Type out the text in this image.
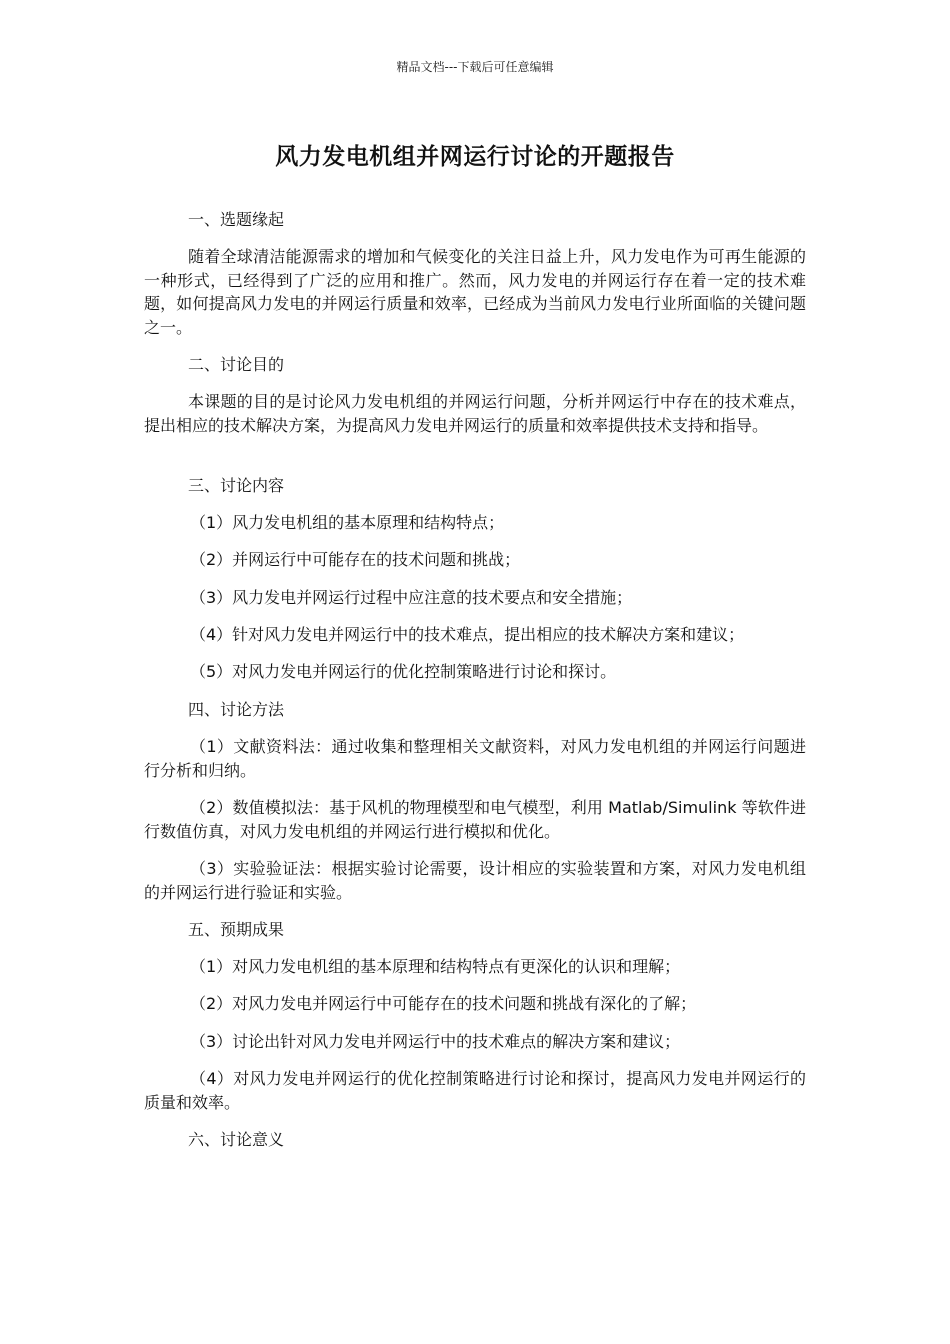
精品文档---下载后可任意编辑
风力发电机组并网运行讨论的开题报告

一、选题缘起

随着全球清洁能源需求的增加和气候变化的关注日益上升，风力发电作为可再生能源的一种形式，已经得到了广泛的应用和推广。然而，风力发电的并网运行存在着一定的技术难题，如何提高风力发电的并网运行质量和效率，已经成为当前风力发电行业所面临的关键问题之一。

二、讨论目的

本课题的目的是讨论风力发电机组的并网运行问题，分析并网运行中存在的技术难点，提出相应的技术解决方案，为提高风力发电并网运行的质量和效率提供技术支持和指导。

三、讨论内容

（1）风力发电机组的基本原理和结构特点；

（2）并网运行中可能存在的技术问题和挑战；

（3）风力发电并网运行过程中应注意的技术要点和安全措施；

（4）针对风力发电并网运行中的技术难点，提出相应的技术解决方案和建议；

（5）对风力发电并网运行的优化控制策略进行讨论和探讨。

四、讨论方法

（1）文献资料法：通过收集和整理相关文献资料，对风力发电机组的并网运行问题进行分析和归纳。

（2）数值模拟法：基于风机的物理模型和电气模型，利用 Matlab/Simulink 等软件进行数值仿真，对风力发电机组的并网运行进行模拟和优化。

（3）实验验证法：根据实验讨论需要，设计相应的实验装置和方案，对风力发电机组的并网运行进行验证和实验。

五、预期成果

（1）对风力发电机组的基本原理和结构特点有更深化的认识和理解；

（2）对风力发电并网运行中可能存在的技术问题和挑战有深化的了解；

（3）讨论出针对风力发电并网运行中的技术难点的解决方案和建议；

（4）对风力发电并网运行的优化控制策略进行讨论和探讨，提高风力发电并网运行的质量和效率。

六、讨论意义
